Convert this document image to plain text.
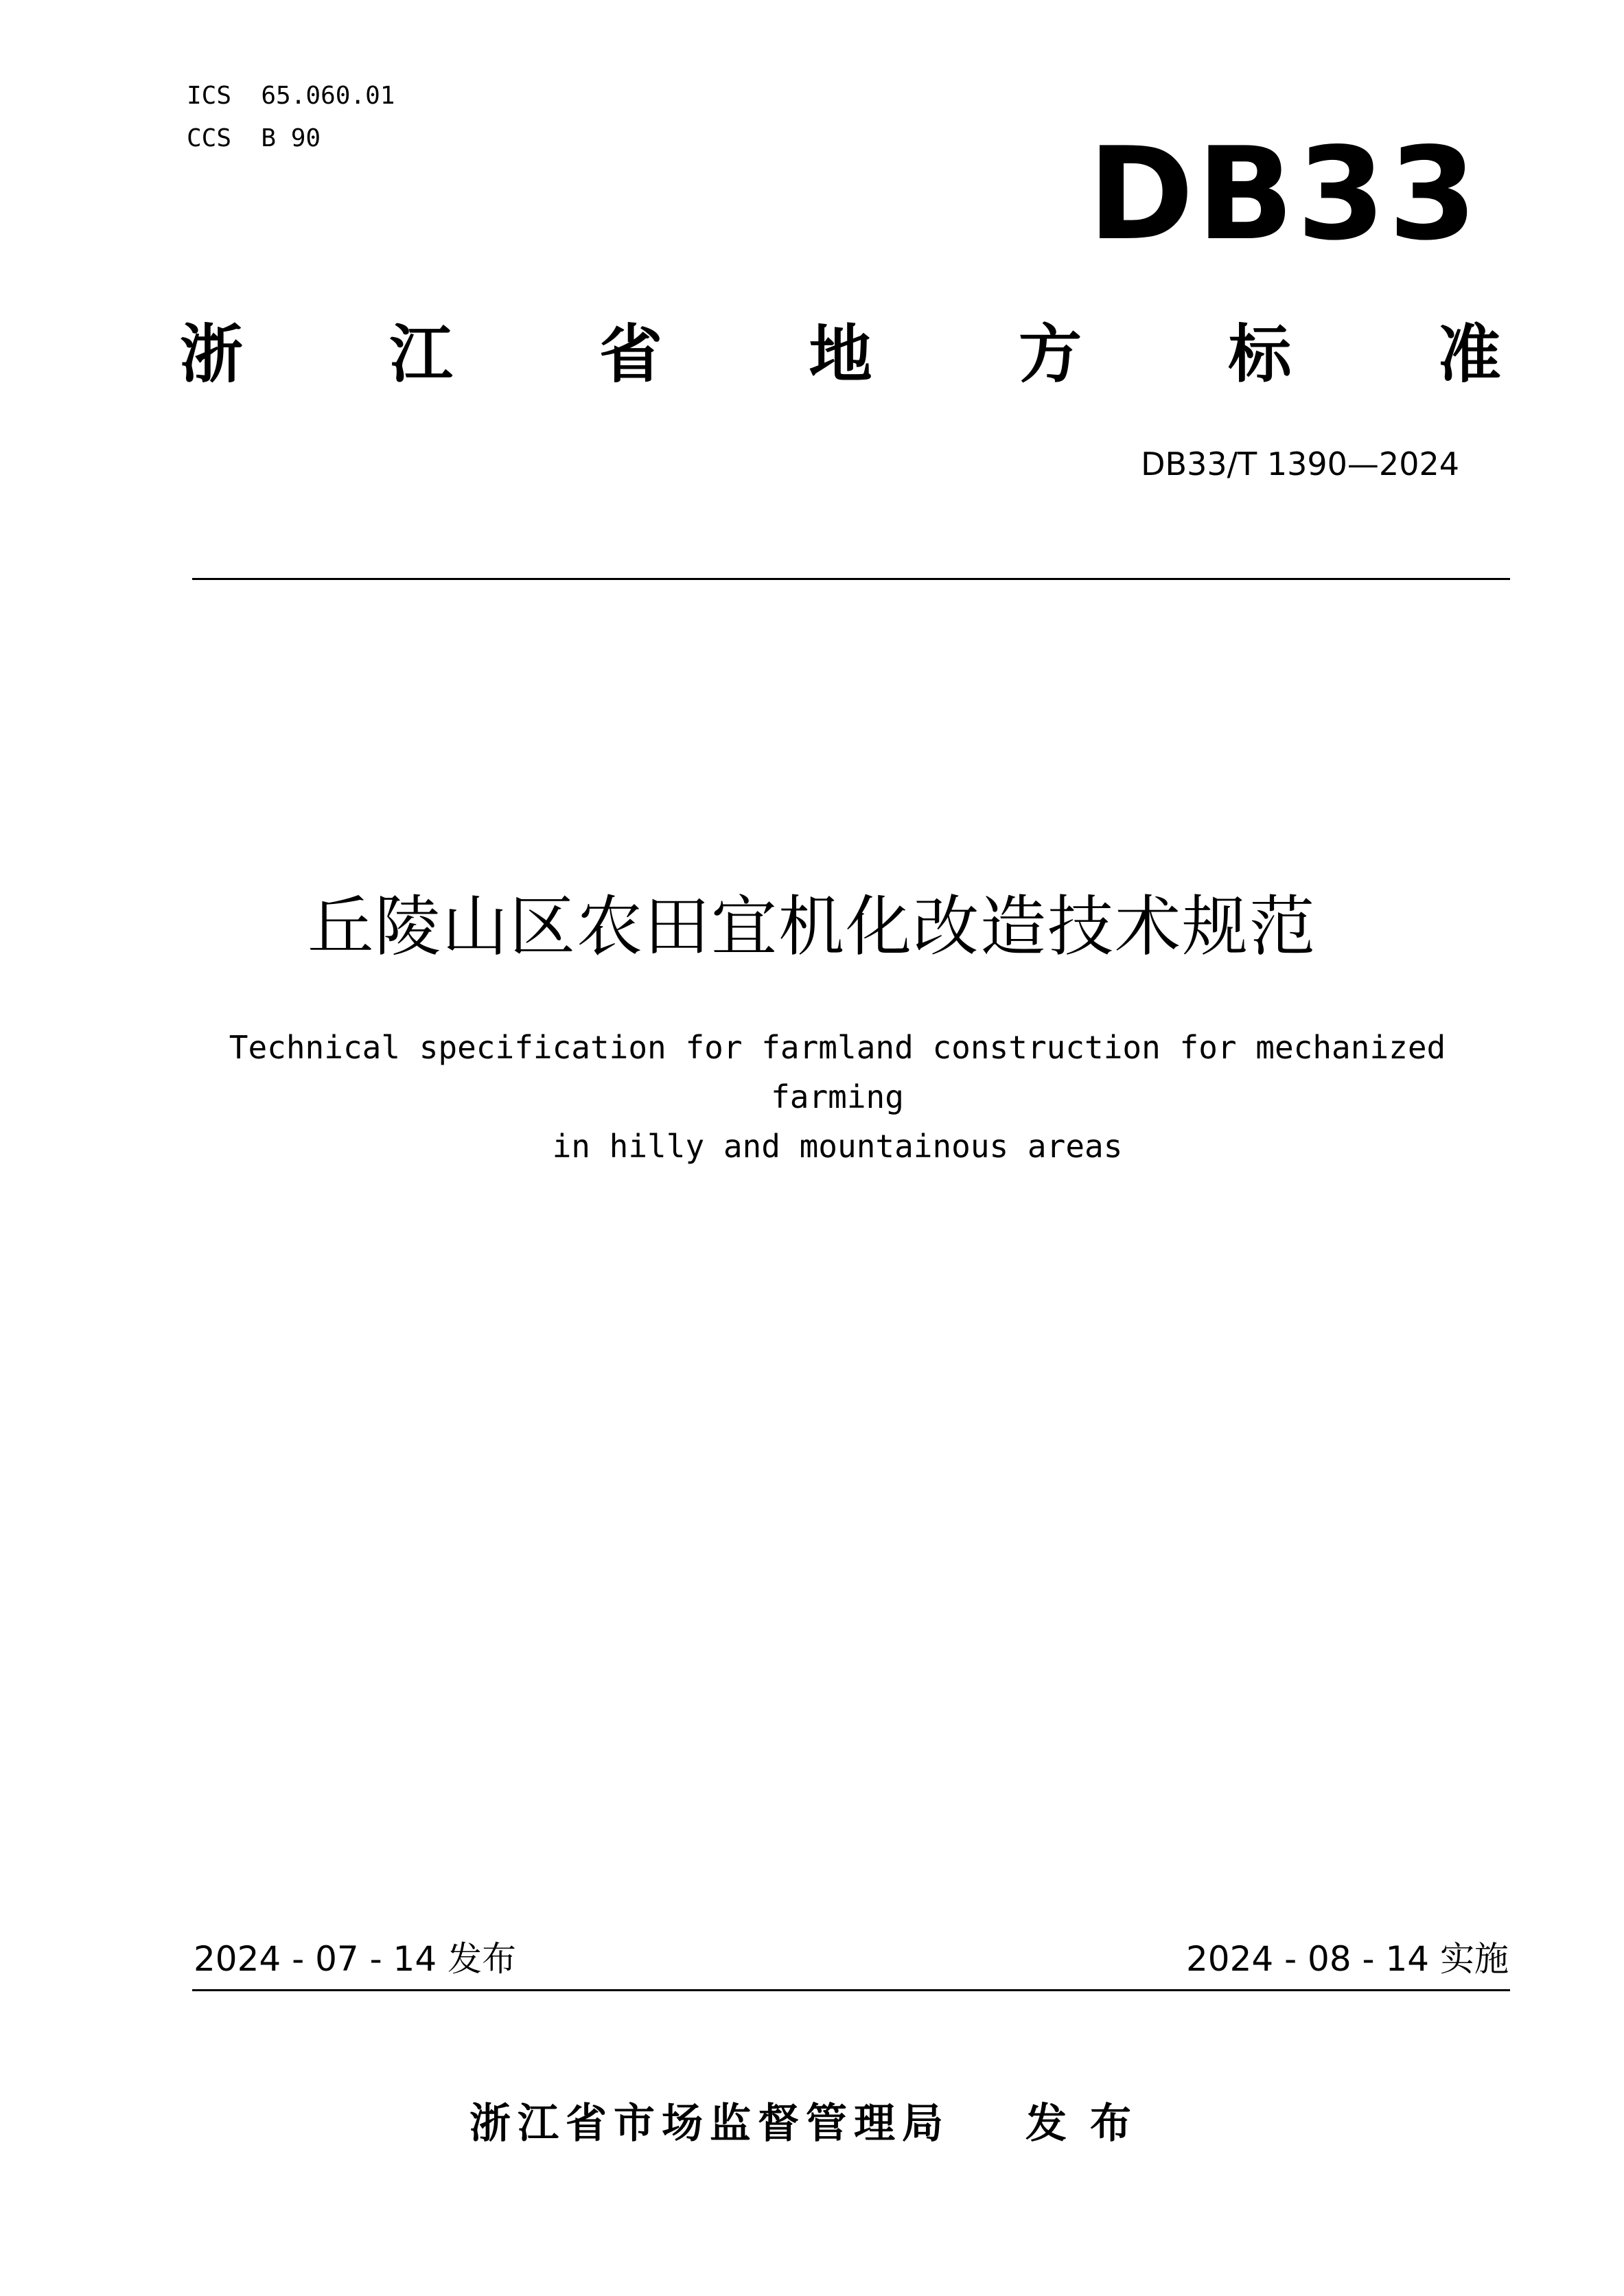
ICS  65.060.01
CCS  B 90	DB33
浙 江 省 地 方 标 准
DB33/T 1390—2024
丘陵山区农田宜机化改造技术规范
Technical specification for farmland construction for mechanized farming
in hilly and mountainous areas
2024 - 07 - 14 发布	2024 - 08 - 14 实施
浙江省市场监督管理局 发布
